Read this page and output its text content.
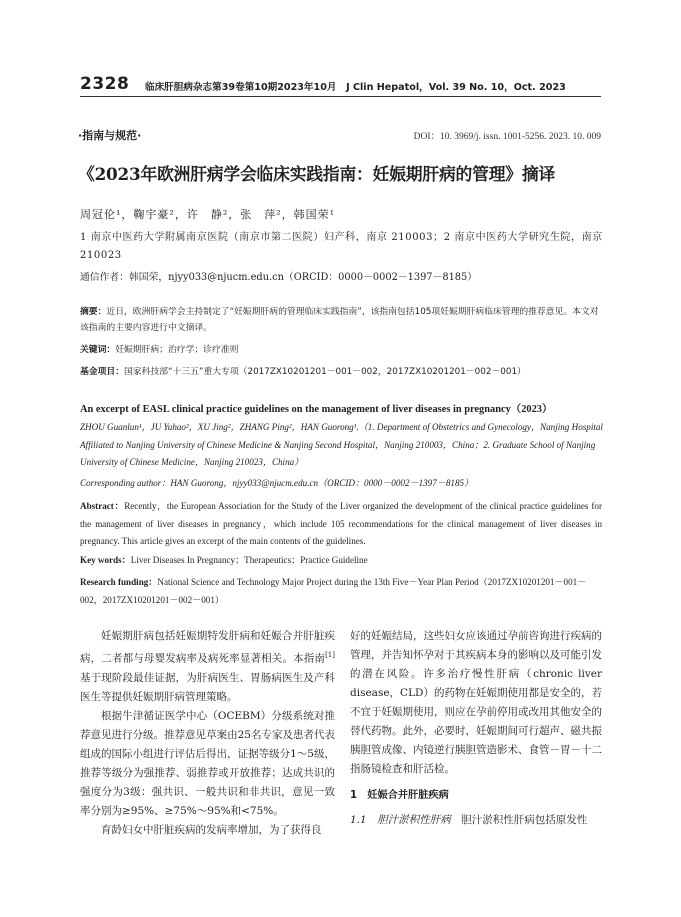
2328 临床肝胆病杂志第39卷第10期2023年10月　J Clin Hepatol，Vol. 39 No. 10，Oct. 2023
·指南与规范·	DOI：10. 3969/j. issn. 1001-5256. 2023. 10. 009
《2023年欧洲肝病学会临床实践指南：妊娠期肝病的管理》摘译
周冠伦¹，鞠宇豪²，许　静²，张　萍²，韩国荣¹
1 南京中医药大学附属南京医院（南京市第二医院）妇产科，南京 210003；2 南京中医药大学研究生院，南京 210023
通信作者：韩国荣，njyy033@njucm.edu.cn（ORCID：0000－0002－1397－8185）
摘要：近日，欧洲肝病学会主持制定了“妊娠期肝病的管理临床实践指南”，该指南包括105项妊娠期肝病临床管理的推荐意见。本文对该指南的主要内容进行中文摘译。
关键词：妊娠期肝病；治疗学；诊疗准则
基金项目：国家科技部“十三五”重大专项（2017ZX10201201－001－002，2017ZX10201201－002－001）
An excerpt of EASL clinical practice guidelines on the management of liver diseases in pregnancy（2023）
ZHOU Guanlun¹，JU Yuhao²，XU Jing²，ZHANG Ping²，HAN Guorong¹.（1. Department of Obstetrics and Gynecology，Nanjing Hospital Affiliated to Nanjing University of Chinese Medicine & Nanjing Second Hospital，Nanjing 210003，China；2. Graduate School of Nanjing University of Chinese Medicine，Nanjing 210023，China）
Corresponding author：HAN Guorong，njyy033@njucm.edu.cn（ORCID：0000－0002－1397－8185）
Abstract：Recently，the European Association for the Study of the Liver organized the development of the clinical practice guidelines for the management of liver diseases in pregnancy，which include 105 recommendations for the clinical management of liver diseases in pregnancy. This article gives an excerpt of the main contents of the guidelines.
Key words：Liver Diseases In Pregnancy；Therapeutics；Practice Guideline
Research funding：National Science and Technology Major Project during the 13th Five－Year Plan Period（2017ZX10201201－001－002，2017ZX10201201－002－001）

妊娠期肝病包括妊娠期特发肝病和妊娠合并肝脏疾病，二者都与母婴发病率及病死率显著相关。本指南[1]基于现阶段最佳证据，为肝病医生、胃肠病医生及产科医生等提供妊娠期肝病管理策略。

根据牛津循证医学中心（OCEBM）分级系统对推荐意见进行分级。推荐意见草案由25名专家及患者代表组成的国际小组进行评估后得出，证据等级分1～5级，推荐等级分为强推荐、弱推荐或开放推荐；达成共识的强度分为3级：强共识、一般共识和非共识，意见一致率分别为≥95%、≥75%～95%和<75%。

育龄妇女中肝脏疾病的发病率增加，为了获得良

好的妊娠结局，这些妇女应该通过孕前咨询进行疾病的管理，并告知怀孕对于其疾病本身的影响以及可能引发的潜在风险。许多治疗慢性肝病（chronic liver disease，CLD）的药物在妊娠期使用都是安全的，若不宜于妊娠期使用，则应在孕前停用或改用其他安全的替代药物。此外，必要时，妊娠期间可行超声、磁共振胰胆管成像、内镜逆行胰胆管造影术、食管－胃－十二指肠镜检查和肝活检。

1　妊娠合并肝脏疾病

1.1　胆汁淤积性肝病　 胆汁淤积性肝病包括原发性
